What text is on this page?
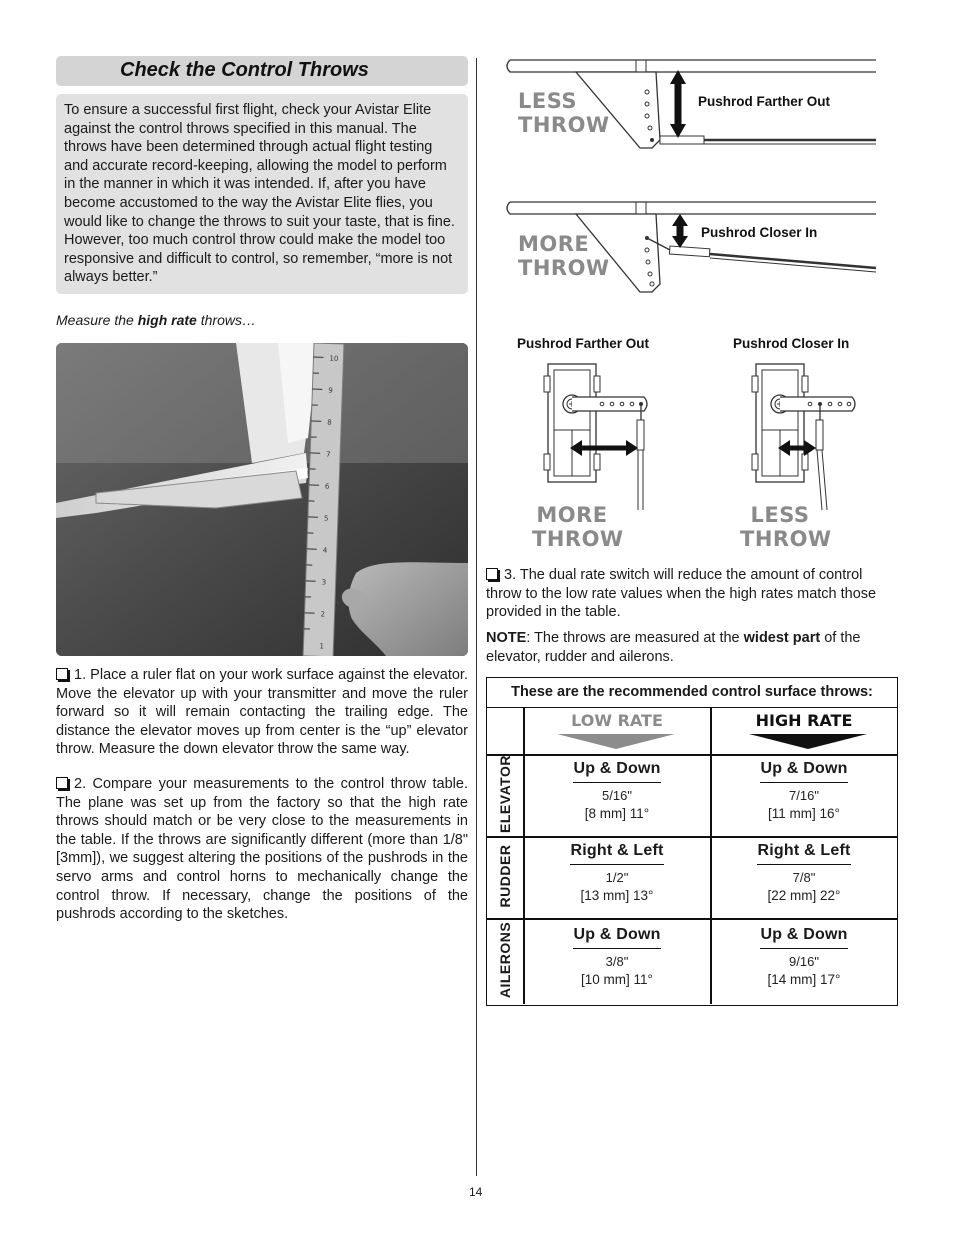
Check the Control Throws

To ensure a successful first flight, check your Avistar Elite against the control throws specified in this manual. The throws have been determined through actual flight testing and accurate record-keeping, allowing the model to perform in the manner in which it was intended. If, after you have become accustomed to the way the Avistar Elite flies, you would like to change the throws to suit your taste, that is fine. However, too much control throw could make the model too responsive and difficult to control, so remember, “more is not always better.”

Measure the high rate throws…
10
9
8
7
6
5
4
3
2
1
1. Place a ruler flat on your work surface against the elevator. Move the elevator up with your transmitter and move the ruler forward so it will remain contacting the trailing edge. The distance the elevator moves up from center is the “up” elevator throw. Measure the down elevator throw the same way.
2. Compare your measurements to the control throw table. The plane was set up from the factory so that the high rate throws should match or be very close to the measurements in the table. If the throws are significantly different (more than 1/8" [3mm]), we suggest altering the positions of the pushrods in the servo arms and control horns to mechanically change the control throw. If necessary, change the positions of the pushrods according to the sketches.
LESS
THROW
Pushrod Farther Out
MORE
THROW
Pushrod Closer In
Pushrod Farther Out	Pushrod Closer In
MORE
THROW
LESS
THROW
3. The dual rate switch will reduce the amount of control throw to the low rate values when the high rates match those provided in the table.
NOTE: The throws are measured at the widest part of the elevator, rudder and ailerons.
These are the recommended control surface throws:
LOW RATE	HIGH RATE
ELEVATOR
RUDDER
AILERONS
Up & Down
5/16"
[8 mm] 11°
Up & Down
7/16"
[11 mm] 16°
Right & Left
1/2"
[13 mm] 13°
Right & Left
7/8"
[22 mm] 22°
Up & Down
3/8"
[10 mm] 11°
Up & Down
9/16"
[14 mm] 17°
14
